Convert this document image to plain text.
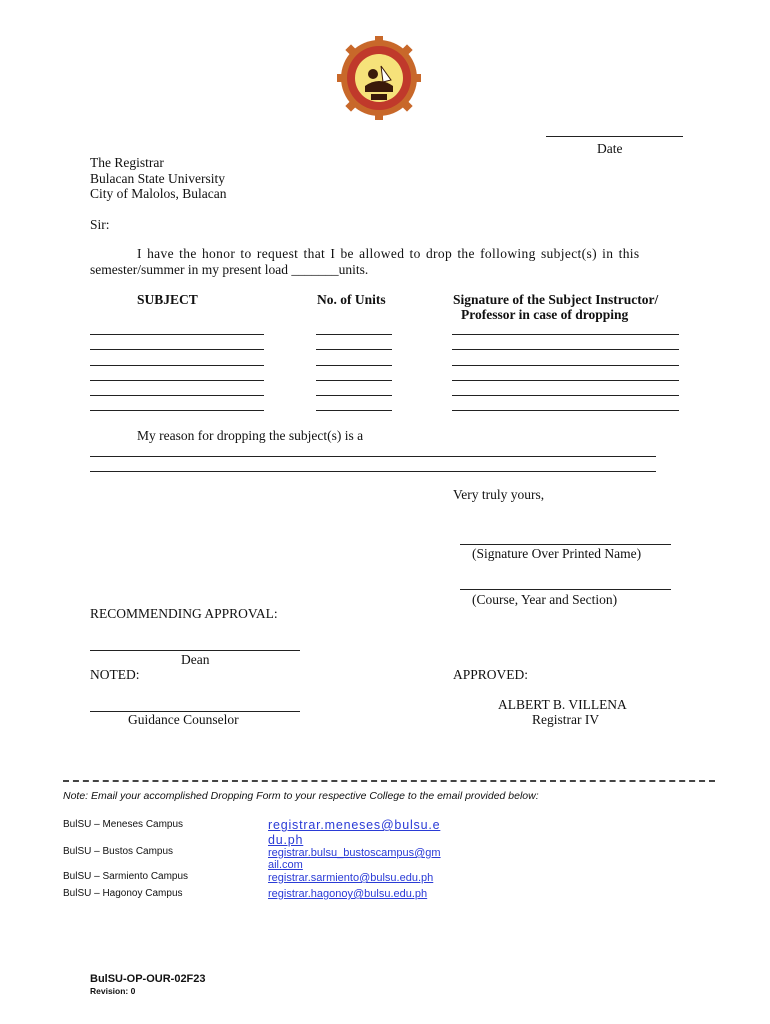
Date
The Registrar
Bulacan State University
City of Malolos, Bulacan
Sir:
I have the honor to request that I be allowed to drop the following subject(s) in this
semester/summer in my present load _______units.
SUBJECT	No. of Units	Signature of the Subject Instructor/
Professor in case of dropping
My reason for dropping the subject(s) is a
Very truly yours,
(Signature Over Printed Name)
(Course, Year and Section)
RECOMMENDING APPROVAL:
Dean
NOTED:
Guidance Counselor
APPROVED:
ALBERT B. VILLENA
Registrar IV
Note: Email your accomplished Dropping Form to your respective College to the email provided below:
BulSU – Meneses Campus	registrar.meneses@bulsu.e
du.ph
BulSU – Bustos Campus	registrar.bulsu_bustoscampus@gm
ail.com
BulSU – Sarmiento Campus	registrar.sarmiento@bulsu.edu.ph
BulSU – Hagonoy Campus	registrar.hagonoy@bulsu.edu.ph
BulSU-OP-OUR-02F23
Revision: 0
